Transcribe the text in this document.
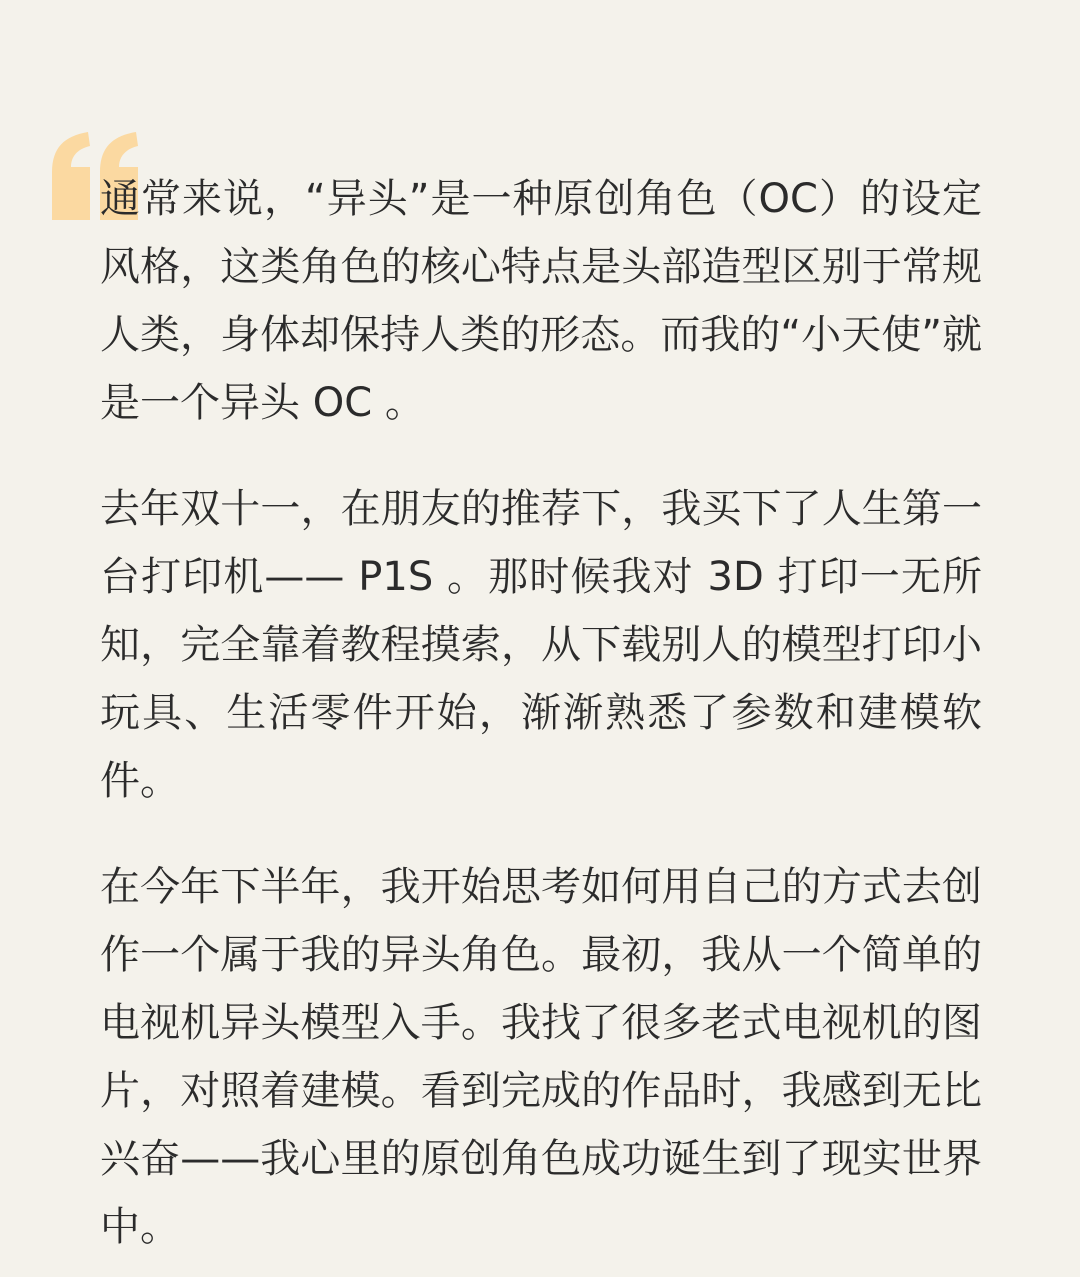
通常来说，“异头”是一种原创角色（OC）的设定风格，这类角色的核心特点是头部造型区别于常规人类，身体却保持人类的形态。而我的“小天使”就是一个异头 OC 。

去年双十一，在朋友的推荐下，我买下了人生第一台打印机—— P1S 。那时候我对 3D 打印一无所知，完全靠着教程摸索，从下载别人的模型打印小玩具、生活零件开始，渐渐熟悉了参数和建模软件。

在今年下半年，我开始思考如何用自己的方式去创作一个属于我的异头角色。最初，我从一个简单的电视机异头模型入手。我找了很多老式电视机的图片，对照着建模。看到完成的作品时，我感到无比兴奋——我心里的原创角色成功诞生到了现实世界中。
